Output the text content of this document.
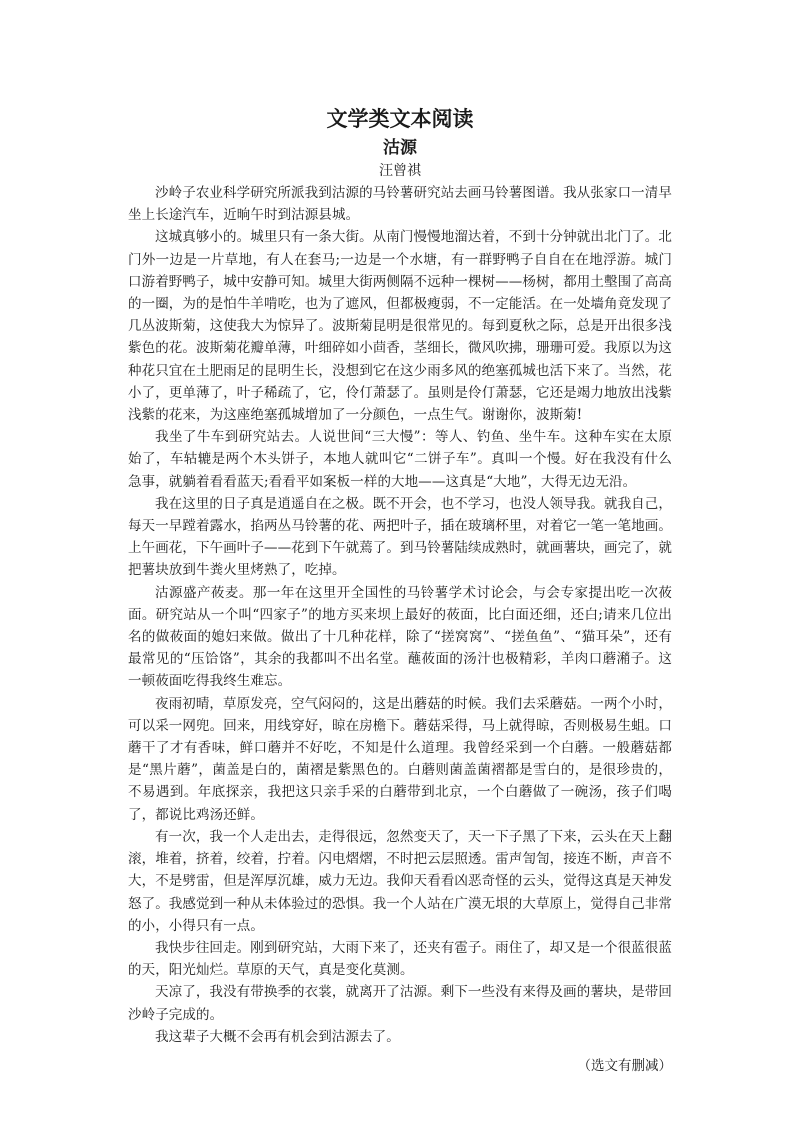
文学类文本阅读
沽源
汪曾祺

沙岭子农业科学研究所派我到沽源的马铃薯研究站去画马铃薯图谱。我从张家口一清早坐上长途汽车，近晌午时到沽源县城。

这城真够小的。城里只有一条大街。从南门慢慢地溜达着，不到十分钟就出北门了。北门外一边是一片草地，有人在套马;一边是一个水塘，有一群野鸭子自自在在地浮游。城门口游着野鸭子，城中安静可知。城里大街两侧隔不远种一棵树——杨树，都用土墼围了高高的一圈，为的是怕牛羊啃吃，也为了遮风，但都极瘦弱，不一定能活。在一处墙角竟发现了几丛波斯菊，这使我大为惊异了。波斯菊昆明是很常见的。每到夏秋之际，总是开出很多浅紫色的花。波斯菊花瓣单薄，叶细碎如小茴香，茎细长，微风吹拂，珊珊可爱。我原以为这种花只宜在土肥雨足的昆明生长，没想到它在这少雨多风的绝塞孤城也活下来了。当然，花小了，更单薄了，叶子稀疏了，它，伶仃萧瑟了。虽则是伶仃萧瑟，它还是竭力地放出浅紫浅紫的花来，为这座绝塞孤城增加了一分颜色，一点生气。谢谢你，波斯菊!

我坐了牛车到研究站去。人说世间“三大慢”：等人、钓鱼、坐牛车。这种车实在太原始了，车轱辘是两个木头饼子，本地人就叫它“二饼子车”。真叫一个慢。好在我没有什么急事，就躺着看看蓝天;看看平如案板一样的大地——这真是“大地”，大得无边无沿。

我在这里的日子真是逍遥自在之极。既不开会，也不学习，也没人领导我。就我自己，每天一早蹚着露水，掐两丛马铃薯的花、两把叶子，插在玻璃杯里，对着它一笔一笔地画。上午画花，下午画叶子——花到下午就蔫了。到马铃薯陆续成熟时，就画薯块，画完了，就把薯块放到牛粪火里烤熟了，吃掉。

沽源盛产莜麦。那一年在这里开全国性的马铃薯学术讨论会，与会专家提出吃一次莜面。研究站从一个叫“四家子”的地方买来坝上最好的莜面，比白面还细，还白;请来几位出名的做莜面的媳妇来做。做出了十几种花样，除了“搓窝窝”、“搓鱼鱼”、“猫耳朵”，还有最常见的“压饸饹”，其余的我都叫不出名堂。蘸莜面的汤汁也极精彩，羊肉口蘑潲子。这一顿莜面吃得我终生难忘。

夜雨初晴，草原发亮，空气闷闷的，这是出蘑菇的时候。我们去采蘑菇。一两个小时，可以采一网兜。回来，用线穿好，晾在房檐下。蘑菇采得，马上就得晾，否则极易生蛆。口蘑干了才有香味，鲜口蘑并不好吃，不知是什么道理。我曾经采到一个白蘑。一般蘑菇都是“黑片蘑”，菌盖是白的，菌褶是紫黑色的。白蘑则菌盖菌褶都是雪白的，是很珍贵的，不易遇到。年底探亲，我把这只亲手采的白蘑带到北京，一个白蘑做了一碗汤，孩子们喝了，都说比鸡汤还鲜。

有一次，我一个人走出去，走得很远，忽然变天了，天一下子黑了下来，云头在天上翻滚，堆着，挤着，绞着，拧着。闪电熠熠，不时把云层照透。雷声訇訇，接连不断，声音不大，不是劈雷，但是浑厚沉雄，威力无边。我仰天看看凶恶奇怪的云头，觉得这真是天神发怒了。我感觉到一种从未体验过的恐惧。我一个人站在广漠无垠的大草原上，觉得自己非常的小，小得只有一点。

我快步往回走。刚到研究站，大雨下来了，还夹有雹子。雨住了，却又是一个很蓝很蓝的天，阳光灿烂。草原的天气，真是变化莫测。

天凉了，我没有带换季的衣裳，就离开了沽源。剩下一些没有来得及画的薯块，是带回沙岭子完成的。

我这辈子大概不会再有机会到沽源去了。

（选文有删减）
